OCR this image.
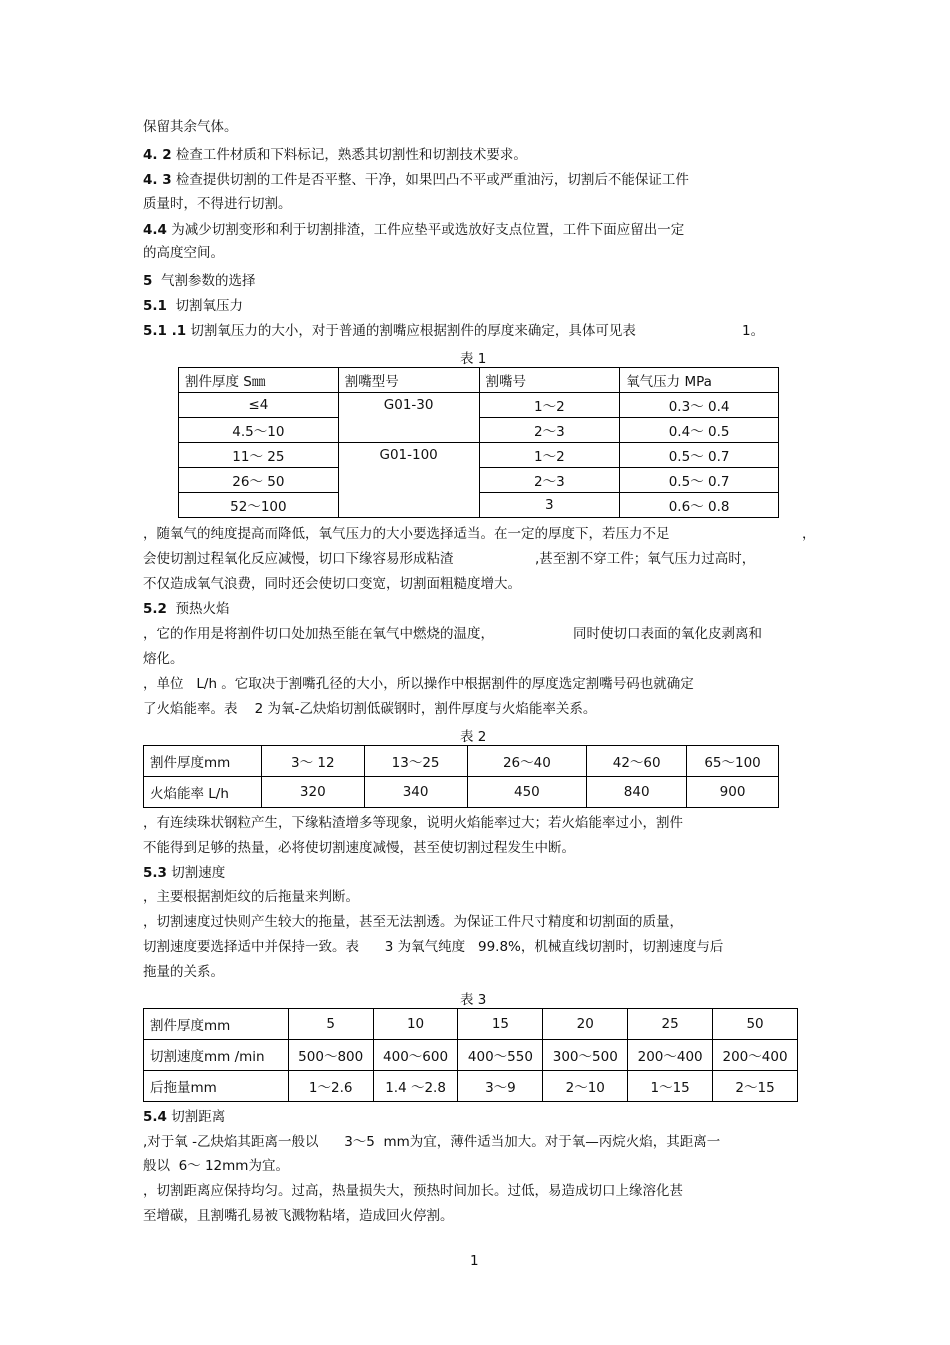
保留其余气体。
4. 2 检查工件材质和下料标记，熟悉其切割性和切割技术要求。
4. 3 检查提供切割的工件是否平整、干净，如果凹凸不平或严重油污，切割后不能保证工件
质量时，不得进行切割。
4.4 为减少切割变形和利于切割排渣，工件应垫平或选放好支点位置，工件下面应留出一定
的高度空间。
5  气割参数的选择
5.1  切割氧压力
5.1 .1 切割氧压力的大小，对于普通的割嘴应根据割件的厚度来确定，具体可见表	1。
表 1
割件厚度 S㎜	割嘴型号	割嘴号	氧气压力 MPa
≤4	G01-30	1～2	0.3～ 0.4
4.5～10		2～3	0.4～ 0.5
11～ 25	G01-100	1～2	0.5～ 0.7
26～ 50		2～3	0.5～ 0.7
52～100		3	0.6～ 0.8
，随氧气的纯度提高而降低，氧气压力的大小要选择适当。在一定的厚度下，若压力不足	，
会使切割过程氧化反应减慢，切口下缘容易形成粘渣	,甚至割不穿工件；氧气压力过高时，
不仅造成氧气浪费，同时还会使切口变宽，切割面粗糙度增大。
5.2  预热火焰
，它的作用是将割件切口处加热至能在氧气中燃烧的温度，	同时使切口表面的氧化皮剥离和
熔化。
，单位   L/h 。它取决于割嘴孔径的大小，所以操作中根据割件的厚度选定割嘴号码也就确定
了火焰能率。表    2 为氧-乙炔焰切割低碳钢时，割件厚度与火焰能率关系。
表 2
割件厚度mm	3～ 12	13～25	26～40	42～60	65～100
火焰能率 L/h	320	340	450	840	900
，有连续珠状钢粒产生，下缘粘渣增多等现象，说明火焰能率过大；若火焰能率过小，割件
不能得到足够的热量，必将使切割速度减慢，甚至使切割过程发生中断。
5.3 切割速度
，主要根据割炬纹的后拖量来判断。
，切割速度过快则产生较大的拖量，甚至无法割透。为保证工件尺寸精度和切割面的质量，
切割速度要选择适中并保持一致。表      3 为氧气纯度   99.8%，机械直线切割时，切割速度与后
拖量的关系。
表 3
割件厚度mm	5	10	15	20	25	50
切割速度mm /min	500～800	400～600	400～550	300～500	200～400	200～400
后拖量mm	1～2.6	1.4 ～2.8	3～9	2～10	1～15	2～15
5.4 切割距离
,对于氧 -乙炔焰其距离一般以      3～5  mm为宜，薄件适当加大。对于氧—丙烷火焰，其距离一
般以  6～ 12mm为宜。
，切割距离应保持均匀。过高，热量损失大，预热时间加长。过低，易造成切口上缘溶化甚
至增碳，且割嘴孔易被飞溅物粘堵，造成回火停割。
1
